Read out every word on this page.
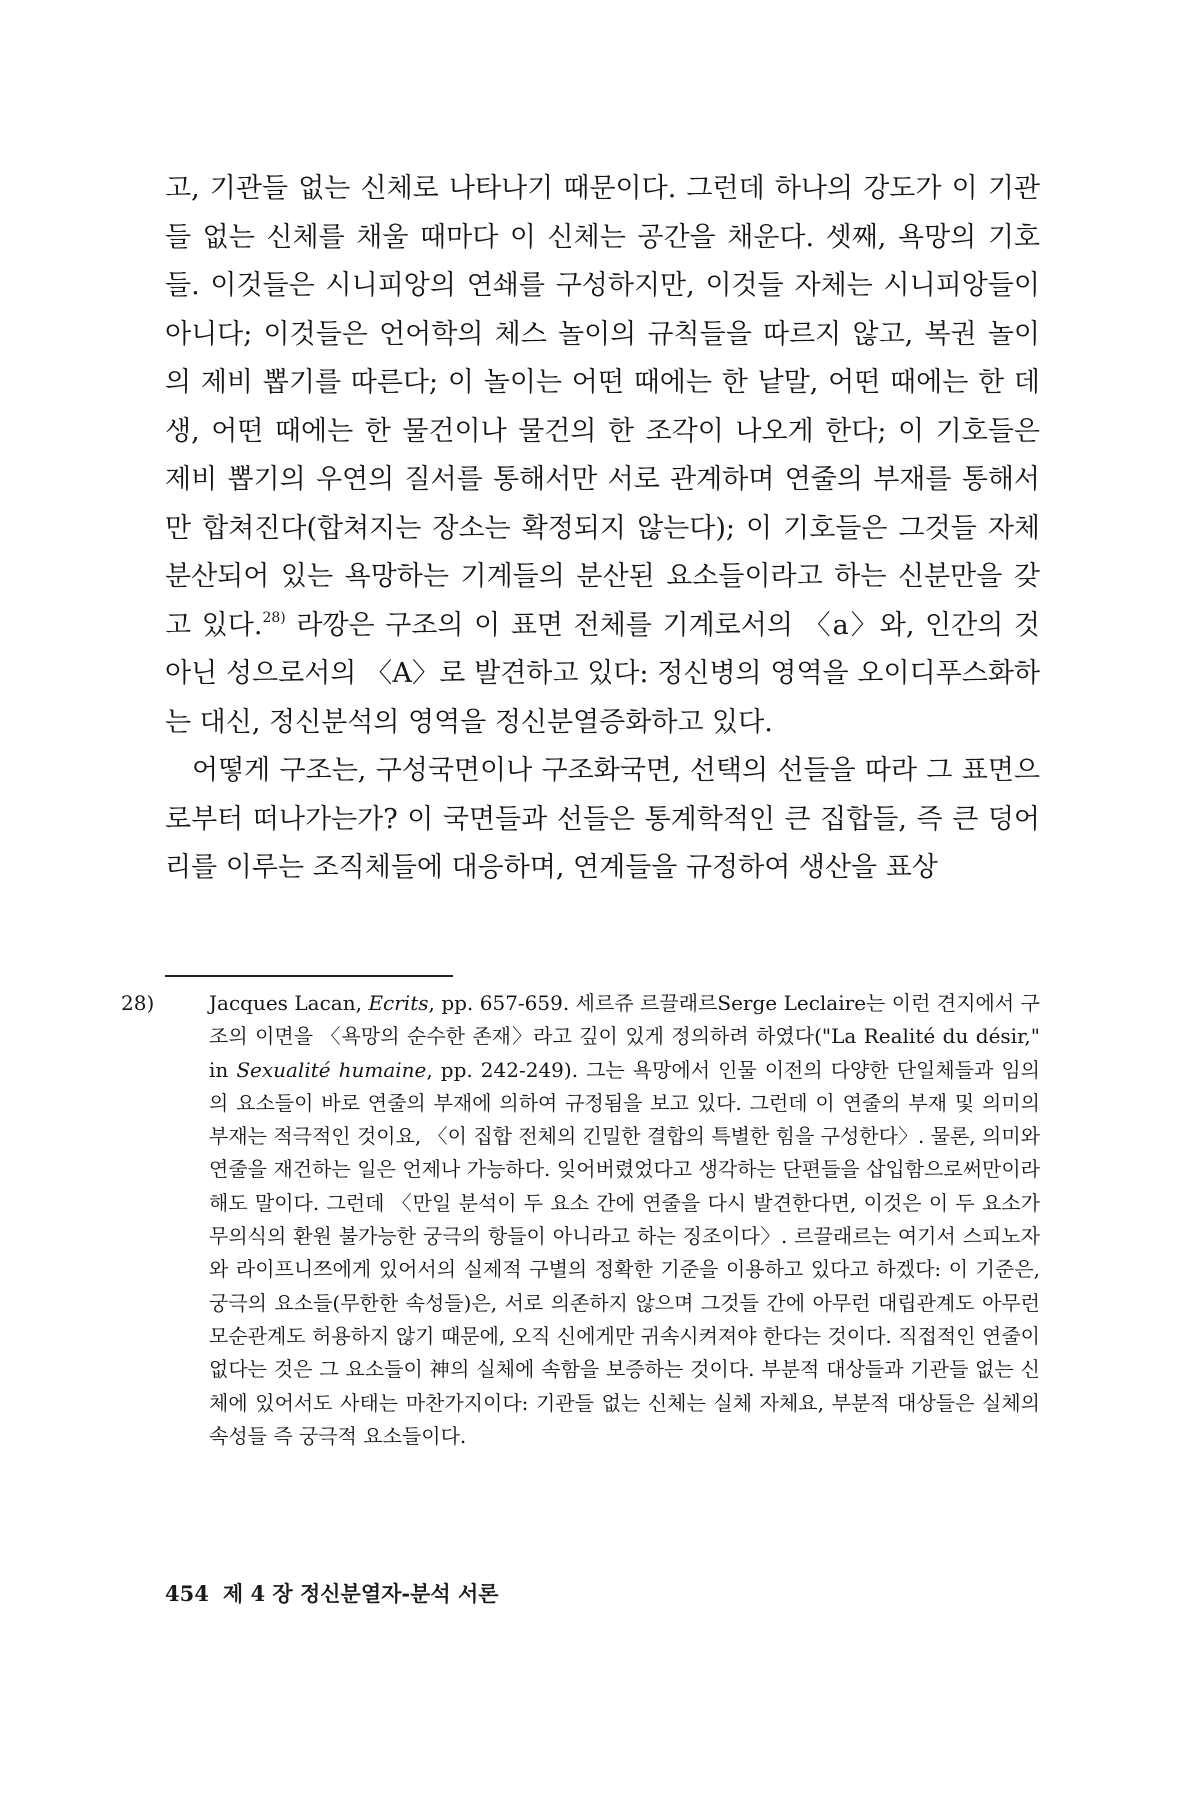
고, 기관들 없는 신체로 나타나기 때문이다. 그런데 하나의 강도가 이 기관들 없는 신체를 채울 때마다 이 신체는 공간을 채운다. 셋째, 욕망의 기호들. 이것들은 시니피앙의 연쇄를 구성하지만, 이것들 자체는 시니피앙들이 아니다; 이것들은 언어학의 체스 놀이의 규칙들을 따르지 않고, 복권 놀이의 제비 뽑기를 따른다; 이 놀이는 어떤 때에는 한 낱말, 어떤 때에는 한 데생, 어떤 때에는 한 물건이나 물건의 한 조각이 나오게 한다; 이 기호들은 제비 뽑기의 우연의 질서를 통해서만 서로 관계하며 연줄의 부재를 통해서만 합쳐진다(합쳐지는 장소는 확정되지 않는다); 이 기호들은 그것들 자체 분산되어 있는 욕망하는 기계들의 분산된 요소들이라고 하는 신분만을 갖고 있다.$^{28)}$ 라깡은 구조의 이 표면 전체를 기계로서의 〈a〉와, 인간의 것 아닌 성으로서의 〈A〉로 발견하고 있다: 정신병의 영역을 오이디푸스화하는 대신, 정신분석의 영역을 정신분열증화하고 있다.

어떻게 구조는, 구성국면이나 구조화국면, 선택의 선들을 따라 그 표면으로부터 떠나가는가? 이 국면들과 선들은 통계학적인 큰 집합들, 즉 큰 덩어리를 이루는 조직체들에 대응하며, 연계들을 규정하여 생산을 표상

28)	Jacques Lacan, Ecrits, pp. 657-659. 세르쥬 르끌래르Serge Leclaire는 이런 견지에서 구조의 이면을 〈욕망의 순수한 존재〉라고 깊이 있게 정의하려 하였다("La Realité du désir," in Sexualité humaine, pp. 242-249). 그는 욕망에서 인물 이전의 다양한 단일체들과 임의의 요소들이 바로 연줄의 부재에 의하여 규정됨을 보고 있다. 그런데 이 연줄의 부재 및 의미의 부재는 적극적인 것이요, 〈이 집합 전체의 긴밀한 결합의 특별한 힘을 구성한다〉. 물론, 의미와 연줄을 재건하는 일은 언제나 가능하다. 잊어버렸었다고 생각하는 단편들을 삽입함으로써만이라 해도 말이다. 그런데 〈만일 분석이 두 요소 간에 연줄을 다시 발견한다면, 이것은 이 두 요소가 무의식의 환원 불가능한 궁극의 항들이 아니라고 하는 징조이다〉. 르끌래르는 여기서 스피노자와 라이프니쯔에게 있어서의 실제적 구별의 정확한 기준을 이용하고 있다고 하겠다: 이 기준은, 궁극의 요소들(무한한 속성들)은, 서로 의존하지 않으며 그것들 간에 아무런 대립관계도 아무런 모순관계도 허용하지 않기 때문에, 오직 신에게만 귀속시켜져야 한다는 것이다. 직접적인 연줄이 없다는 것은 그 요소들이 神의 실체에 속함을 보증하는 것이다. 부분적 대상들과 기관들 없는 신체에 있어서도 사태는 마찬가지이다: 기관들 없는 신체는 실체 자체요, 부분적 대상들은 실체의 속성들 즉 궁극적 요소들이다.
454 제 4 장 정신분열자-분석 서론
